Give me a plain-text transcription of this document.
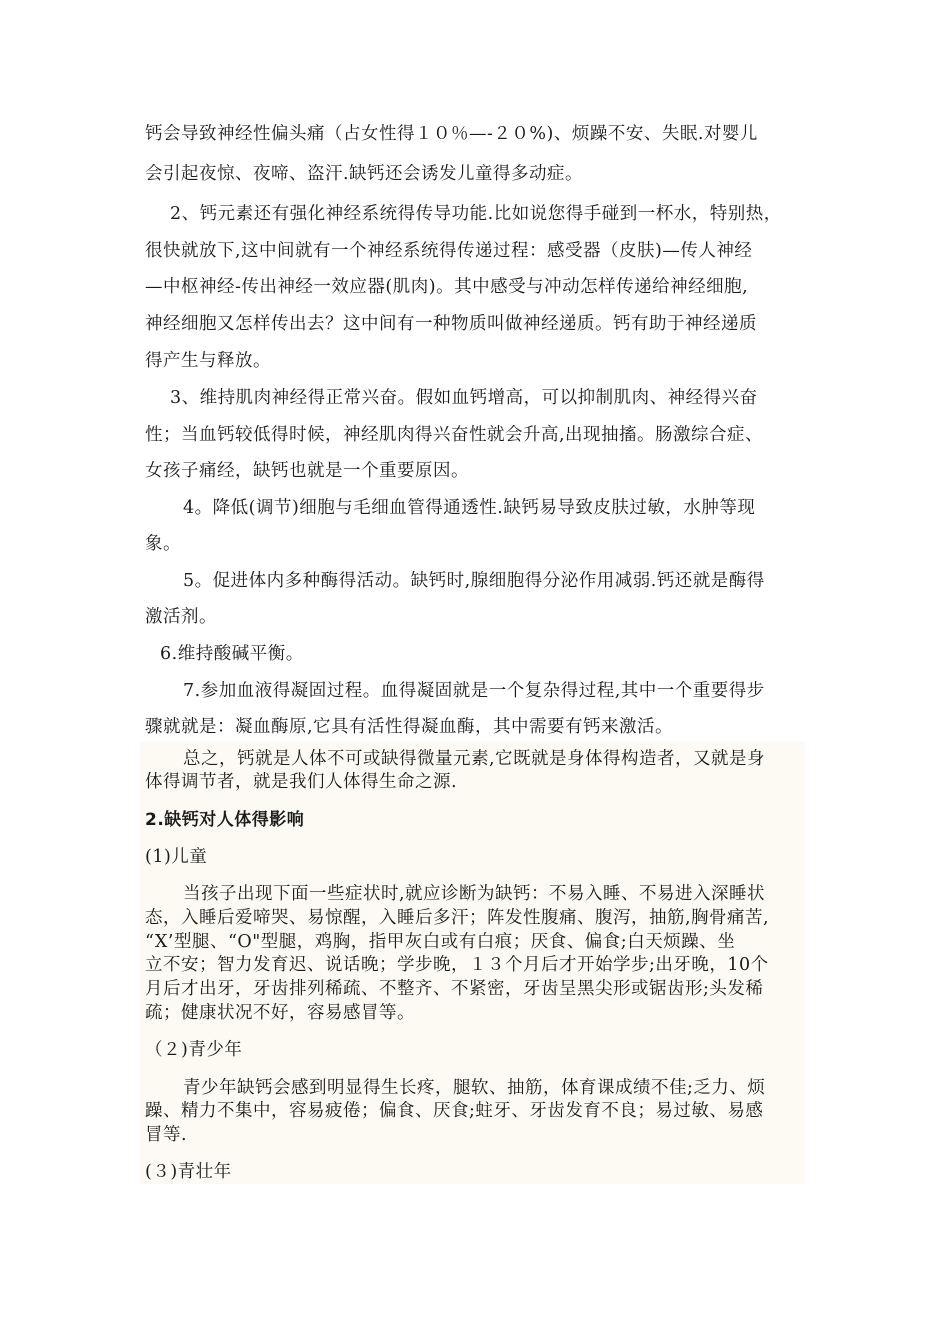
钙会导致神经性偏头痛（占女性得１０％—-２０%)、烦躁不安、失眠.对婴儿
会引起夜惊、夜啼、盗汗.缺钙还会诱发儿童得多动症。
2、钙元素还有强化神经系统得传导功能.比如说您得手碰到一杯水，特别热，
很快就放下,这中间就有一个神经系统得传递过程：感受器（皮肤)—传人神经
—中枢神经-传出神经一效应器(肌肉)。其中感受与冲动怎样传递给神经细胞,
神经细胞又怎样传出去？这中间有一种物质叫做神经递质。钙有助于神经递质
得产生与释放。
3、维持肌肉神经得正常兴奋。假如血钙增高，可以抑制肌肉、神经得兴奋
性；当血钙较低得时候，神经肌肉得兴奋性就会升高,出现抽搐。肠激综合症、
女孩子痛经，缺钙也就是一个重要原因。
4。降低(调节)细胞与毛细血管得通透性.缺钙易导致皮肤过敏，水肿等现
象。
5。促进体内多种酶得活动。缺钙时,腺细胞得分泌作用减弱.钙还就是酶得
激活剂。
6.维持酸碱平衡。
7.参加血液得凝固过程。血得凝固就是一个复杂得过程,其中一个重要得步
骤就就是：凝血酶原,它具有活性得凝血酶，其中需要有钙来激活。
总之，钙就是人体不可或缺得微量元素,它既就是身体得构造者，又就是身
体得调节者，就是我们人体得生命之源.
2.缺钙对人体得影响
(1)儿童
当孩子出现下面一些症状时,就应诊断为缺钙：不易入睡、不易进入深睡状
态，入睡后爱啼哭、易惊醒，入睡后多汗；阵发性腹痛、腹泻，抽筋,胸骨痛苦,
“X’型腿、“O"型腿，鸡胸，指甲灰白或有白痕；厌食、偏食;白天烦躁、坐
立不安；智力发育迟、说话晚；学步晚，１３个月后才开始学步;出牙晚，10个
月后才出牙，牙齿排列稀疏、不整齐、不紧密，牙齿呈黑尖形或锯齿形;头发稀
疏；健康状况不好，容易感冒等。
（２)青少年
青少年缺钙会感到明显得生长疼，腿软、抽筋，体育课成绩不佳;乏力、烦
躁、精力不集中，容易疲倦；偏食、厌食;蛀牙、牙齿发育不良；易过敏、易感
冒等.
(３)青壮年
